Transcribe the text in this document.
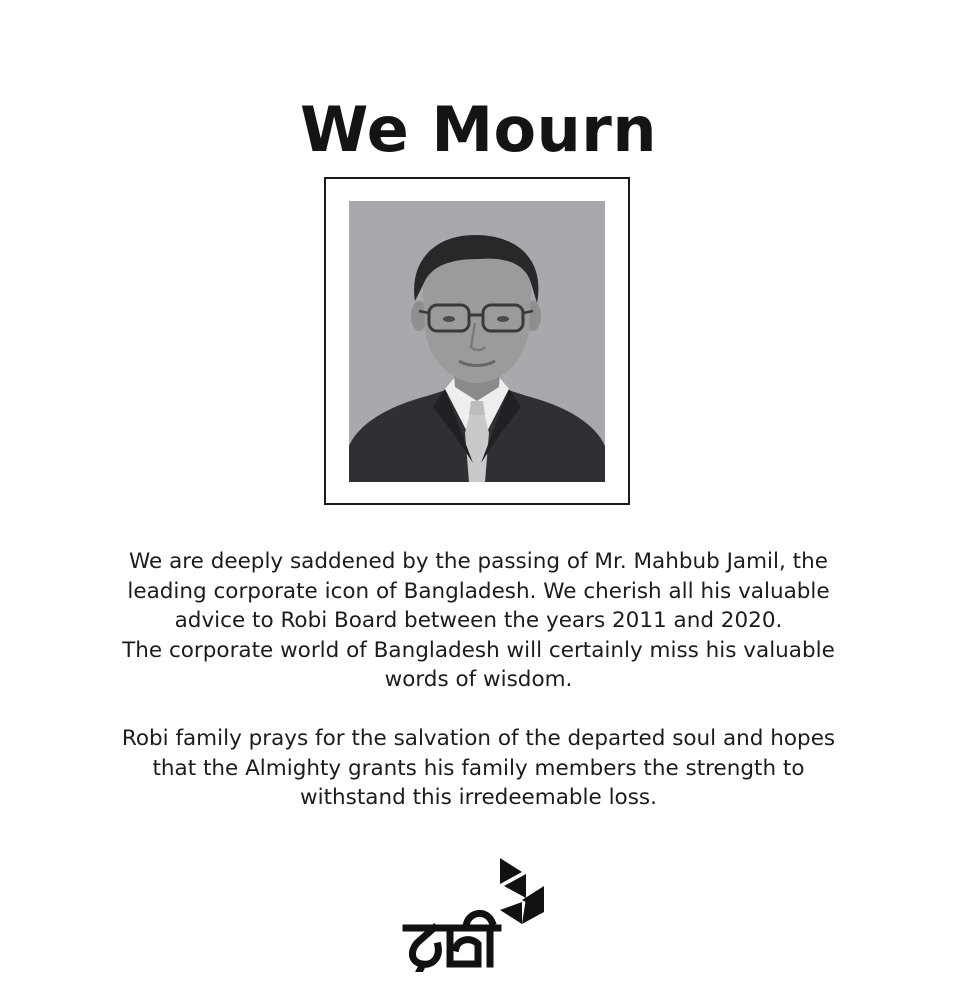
We Mourn

We are deeply saddened by the passing of Mr. Mahbub Jamil, the
leading corporate icon of Bangladesh. We cherish all his valuable
advice to Robi Board between the years 2011 and 2020.
The corporate world of Bangladesh will certainly miss his valuable
words of wisdom.

Robi family prays for the salvation of the departed soul and hopes
that the Almighty grants his family members the strength to
withstand this irredeemable loss.
